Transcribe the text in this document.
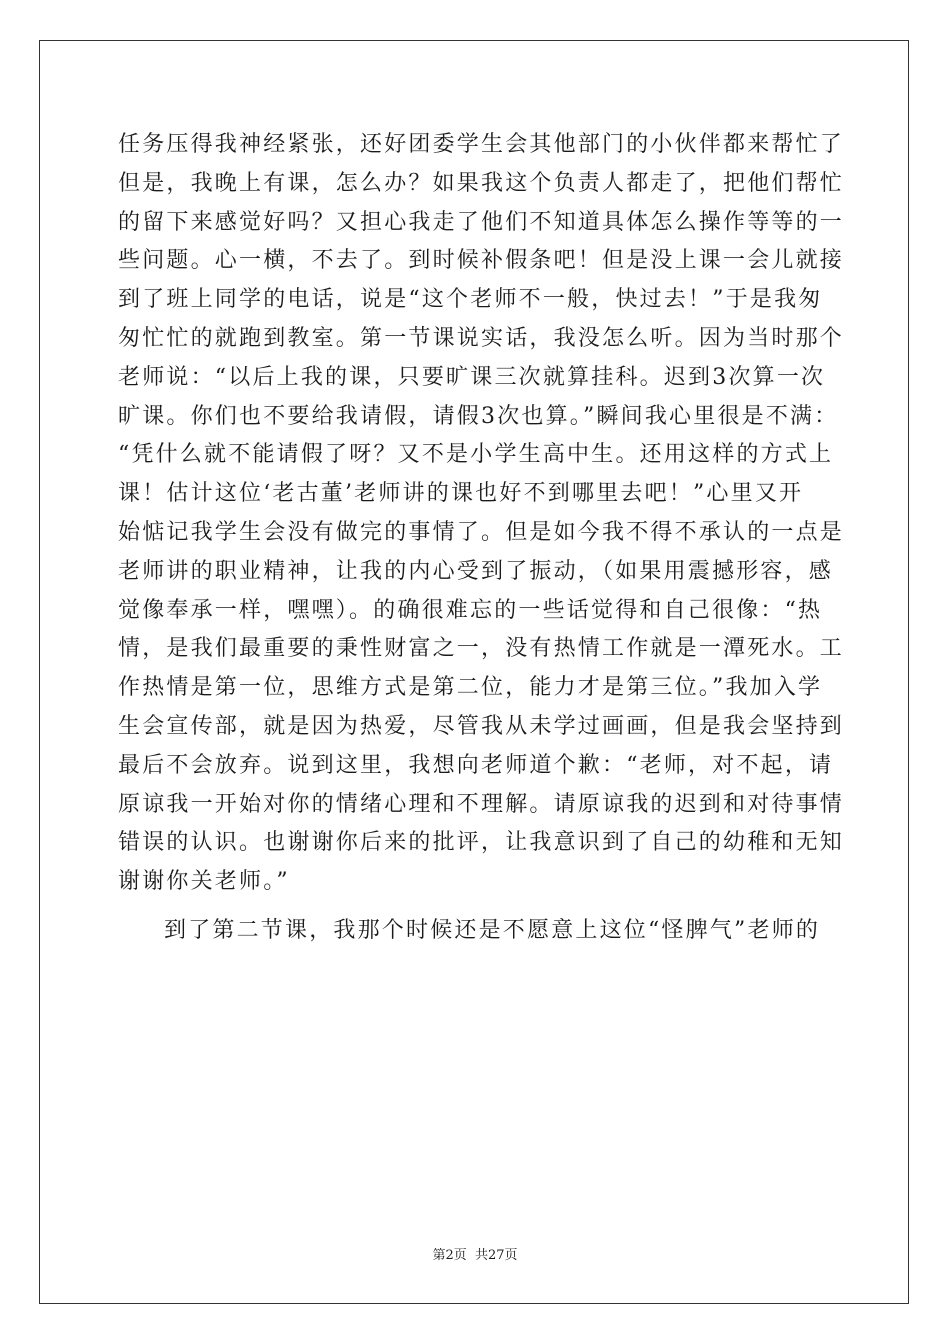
任务压得我神经紧张，还好团委学生会其他部门的小伙伴都来帮忙了
但是，我晚上有课，怎么办？如果我这个负责人都走了，把他们帮忙
的留下来感觉好吗？又担心我走了他们不知道具体怎么操作等等的一
些问题。心一横，不去了。到时候补假条吧！但是没上课一会儿就接
到了班上同学的电话，说是“这个老师不一般，快过去！”于是我匆
匆忙忙的就跑到教室。第一节课说实话，我没怎么听。因为当时那个
老师说：“以后上我的课，只要旷课三次就算挂科。迟到3次算一次
旷课。你们也不要给我请假，请假3次也算。”瞬间我心里很是不满：
“凭什么就不能请假了呀？又不是小学生高中生。还用这样的方式上
课！估计这位‘老古董’老师讲的课也好不到哪里去吧！”心里又开
始惦记我学生会没有做完的事情了。但是如今我不得不承认的一点是
老师讲的职业精神，让我的内心受到了振动，（如果用震撼形容，感
觉像奉承一样，嘿嘿）。的确很难忘的一些话觉得和自己很像：“热
情，是我们最重要的秉性财富之一，没有热情工作就是一潭死水。工
作热情是第一位，思维方式是第二位，能力才是第三位。”我加入学
生会宣传部，就是因为热爱，尽管我从未学过画画，但是我会坚持到
最后不会放弃。说到这里，我想向老师道个歉：“老师，对不起，请
原谅我一开始对你的情绪心理和不理解。请原谅我的迟到和对待事情
错误的认识。也谢谢你后来的批评，让我意识到了自己的幼稚和无知
谢谢你关老师。”
到了第二节课，我那个时候还是不愿意上这位“怪脾气”老师的
第2页 共27页
